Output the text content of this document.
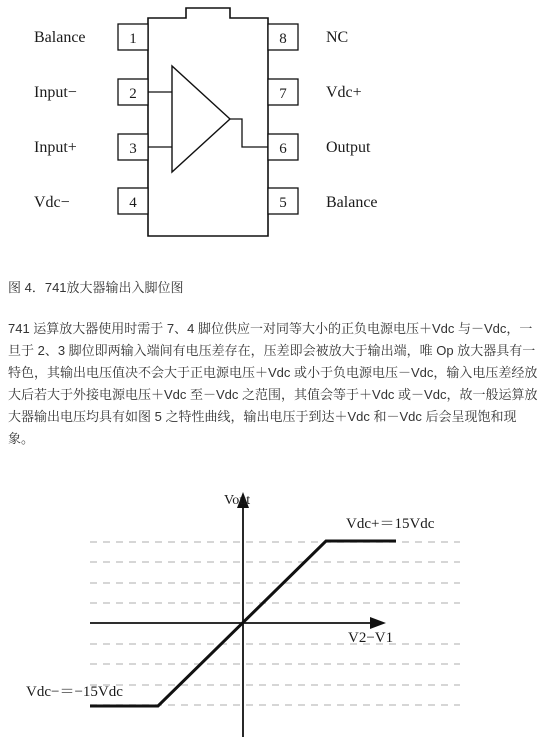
1
2
3
4
8
7
6
5
Balance
Input−
Input+
Vdc−
NC
Vdc+
Output
Balance
图 4．741放大器输出入脚位图

741 运算放大器使用时需于 7、4 脚位供应一对同等大小的正负电源电压＋Vdc 与－Vdc，一旦于 2、3 脚位即两输入端间有电压差存在，压差即会被放大于输出端，唯 Op 放大器具有一特色，其输出电压值决不会大于正电源电压＋Vdc 或小于负电源电压－Vdc，输入电压差经放大后若大于外接电源电压＋Vdc 至－Vdc 之范围，其值会等于＋Vdc 或－Vdc，故一般运算放大器输出电压均具有如图 5 之特性曲线，输出电压于到达＋Vdc 和－Vdc 后会呈现饱和现象。

Vout
V2−V1
Vdc+＝15Vdc
Vdc−＝−15Vdc
